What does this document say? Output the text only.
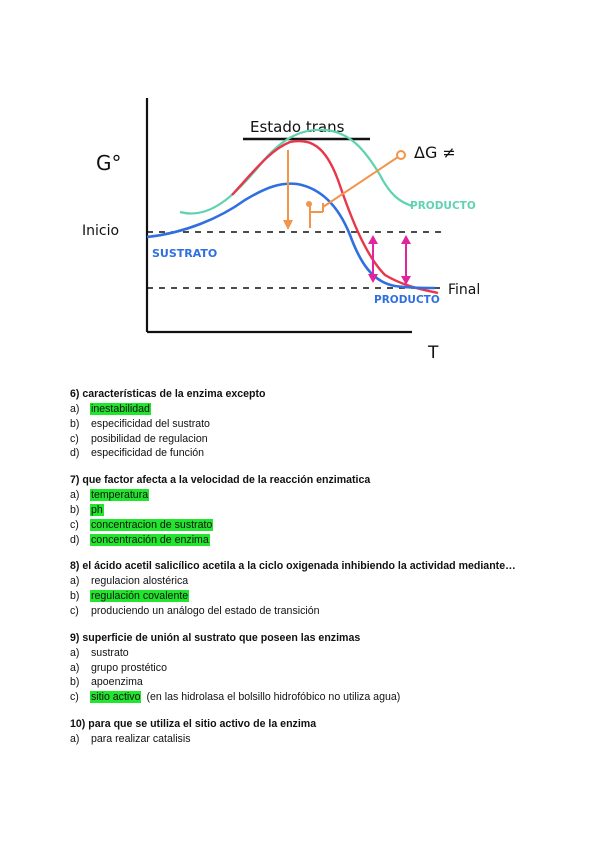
G°
T
Inicio
Final
Estado trans
ΔG ≠
SUSTRATO
PRODUCTO
PRODUCTO
6) características de la enzima excepto
a)	inestabilidad
b)	especificidad del sustrato
c)	posibilidad de regulacion
d)	especificidad de función
7) que factor afecta a la velocidad de la reacción enzimatica
a)	temperatura
b)	ph
c)	concentracion de sustrato
d)	concentración de enzima
8) el ácido acetil salicílico acetila a la ciclo oxigenada inhibiendo la actividad mediante…
a)	regulacion alostérica
b)	regulación covalente
c)	produciendo un análogo del estado de transición
9) superficie de unión al sustrato que poseen las enzimas
a)	sustrato
a)	grupo prostético
b)	apoenzima
c)	sitio activo (en las hidrolasa el bolsillo hidrofóbico no utiliza agua)
10) para que se utiliza el sitio activo de la enzima
a)	para realizar catalisis
